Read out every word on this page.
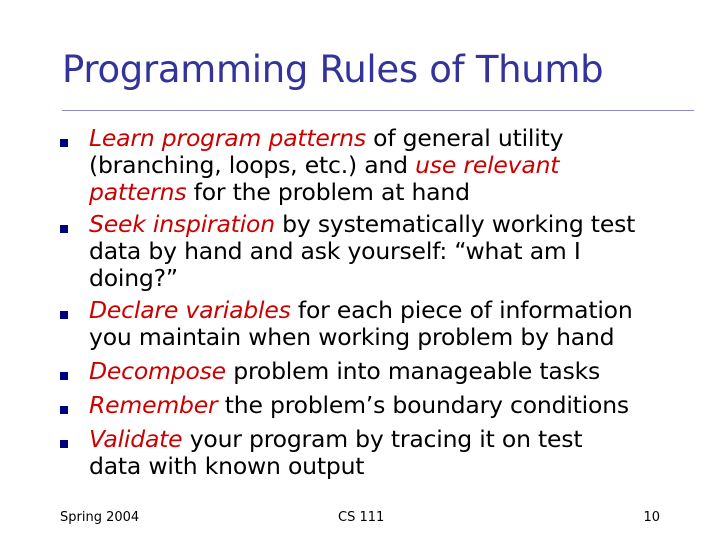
Programming Rules of Thumb
Learn program patterns of general utility
(branching, loops, etc.) and use relevant
patterns for the problem at hand
Seek inspiration by systematically working test
data by hand and ask yourself: “what am I
doing?”
Declare variables for each piece of information
you maintain when working problem by hand
Decompose problem into manageable tasks
Remember the problem’s boundary conditions
Validate your program by tracing it on test
data with known output
Spring 2004	CS 111	10
